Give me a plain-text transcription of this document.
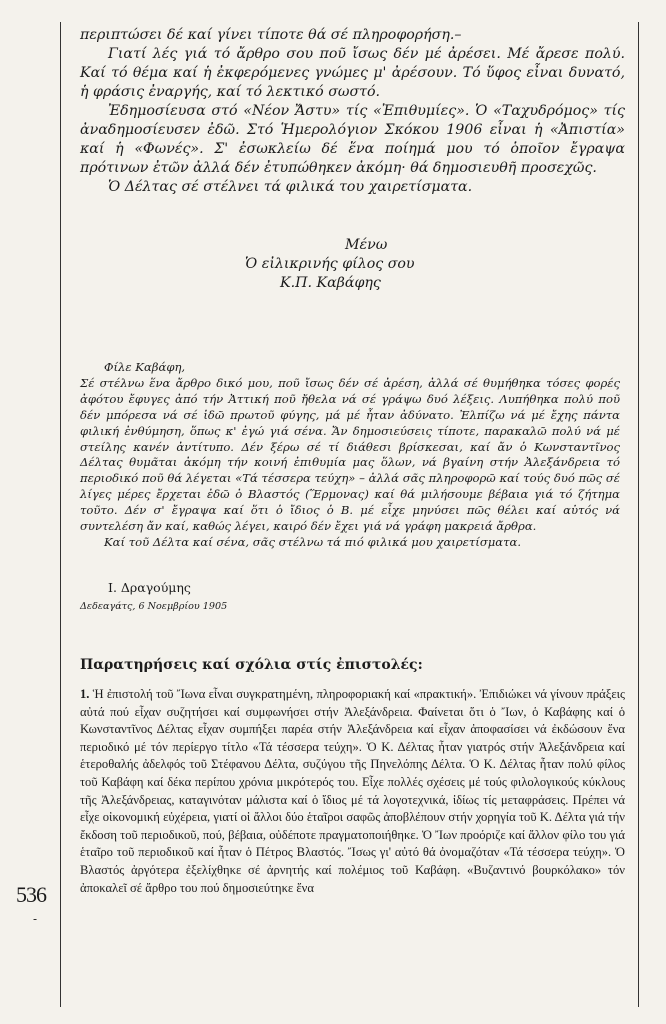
536
-

περιπτώσει δέ καί γίνει τίποτε θά σέ πληροφορήση.–

Γιατί λές γιά τό ἄρθρο σου ποῦ ἴσως δέν μέ ἀρέσει. Μέ ἄρεσε πολύ. Καί τό θέμα καί ἡ ἐκφερόμενες γνώμες μ' ἀρέσουν. Τό ὕφος εἶναι δυνατό, ἡ φράσις ἐναργής, καί τό λεκτικό σωστό.

Ἐδημοσίευσα στό «Νέον Ἄστυ» τίς «Ἐπιθυμίες». Ὁ «Ταχυδρόμος» τίς ἀναδημοσίευσεν ἐδῶ. Στό Ἡμερολόγιον Σκόκου 1906 εἶναι ἡ «Ἀπιστία» καί ἡ «Φωνές». Σ' ἐσωκλείω δέ ἕνα ποίημά μου τό ὁποῖον ἔγραψα πρότινων ἐτῶν ἀλλά δέν ἐτυπώθηκεν ἀκόμη· θά δημοσιευθῆ προσεχῶς.

Ὁ Δέλτας σέ στέλνει τά φιλικά του χαιρετίσματα.

Μένω

Ὁ εἰλικρινής φίλος σου

Κ.Π. Καβάφης

Φίλε Καβάφη,

Σέ στέλνω ἕνα ἄρθρο δικό μου, ποῦ ἴσως δέν σέ ἀρέση, ἀλλά σέ θυμήθηκα τόσες φορές ἀφότου ἔφυγες ἀπό τήν Ἀττική ποῦ ἤθελα νά σέ γράψω δυό λέξεις. Λυπήθηκα πολύ ποῦ δέν μπόρεσα νά σέ ἰδῶ πρωτοῦ φύγης, μά μέ ἦταν ἀδύνατο. Ἐλπίζω νά μέ ἔχης πάντα φιλική ἐνθύμηση, ὅπως κ' ἐγώ γιά σένα. Ἄν δημοσιεύσεις τίποτε, παρακαλῶ πολύ νά μέ στείλης κανέν ἀντίτυπο. Δέν ξέρω σέ τί διάθεσι βρίσκεσαι, καί ἄν ὁ Κωνσταντῖνος Δέλτας θυμᾶται ἀκόμη τήν κοινή ἐπιθυμία μας ὅλων, νά βγαίνη στήν Ἀλεξάνδρεια τό περιοδικό ποῦ θά λέγεται «Τά τέσσερα τεύχη» – ἀλλά σᾶς πληροφορῶ καί τούς δυό πῶς σέ λίγες μέρες ἔρχεται ἐδῶ ὁ Βλαστός (Ἕρμονας) καί θά μιλήσουμε βέβαια γιά τό ζήτημα τοῦτο. Δέν σ' ἔγραψα καί ὅτι ὁ ἴδιος ὁ Β. μέ εἶχε μηνύσει πῶς θέλει καί αὐτός νά συντελέση ἄν καί, καθώς λέγει, καιρό δέν ἔχει γιά νά γράφη μακρειά ἄρθρα.

Καί τοῦ Δέλτα καί σένα, σᾶς στέλνω τά πιό φιλικά μου χαιρετίσματα.

Ι. Δραγούμης
Δεδεαγάτς, 6 Νοεμβρίου 1905
Παρατηρήσεις καί σχόλια στίς ἐπιστολές:
1. Ἡ ἐπιστολή τοῦ Ἴωνα εἶναι συγκρατημένη, πληροφοριακή καί «πρακτική». Ἐπιδιώκει νά γίνουν πράξεις αὐτά πού εἶχαν συζητήσει καί συμφωνήσει στήν Ἀλεξάνδρεια. Φαίνεται ὅτι ὁ Ἴων, ὁ Καβάφης καί ὁ Κωνσταντῖνος Δέλτας εἶχαν συμπήξει παρέα στήν Ἀλεξάνδρεια καί εἶχαν ἀποφασίσει νά ἐκδώσουν ἕνα περιοδικό μέ τόν περίεργο τίτλο «Τά τέσσερα τεύχη». Ὁ Κ. Δέλτας ἦταν γιατρός στήν Ἀλεξάνδρεια καί ἑτεροθαλής ἀδελφός τοῦ Στέφανου Δέλτα, συζύγου τῆς Πηνελόπης Δέλτα. Ὁ Κ. Δέλτας ἦταν πολύ φίλος τοῦ Καβάφη καί δέκα περίπου χρόνια μικρότερός του. Εἶχε πολλές σχέσεις μέ τούς φιλολογικούς κύκλους τῆς Ἀλεξάνδρειας, καταγινόταν μάλιστα καί ὁ ἴδιος μέ τά λογοτεχνικά, ἰδίως τίς μεταφράσεις. Πρέπει νά εἶχε οἰκονομική εὐχέρεια, γιατί οἱ ἄλλοι δύο ἑταῖροι σαφῶς ἀποβλέπουν στήν χορηγία τοῦ Κ. Δέλτα γιά τήν ἔκδοση τοῦ περιοδικοῦ, πού, βέβαια, οὐδέποτε πραγματοποιήθηκε. Ὁ Ἴων προόριζε καί ἄλλον φίλο του γιά ἑταῖρο τοῦ περιοδικοῦ καί ἦταν ὁ Πέτρος Βλαστός. Ἴσως γι' αὐτό θά ὀνομαζόταν «Τά τέσσερα τεύχη». Ὁ Βλαστός ἀργότερα ἐξελίχθηκε σέ ἀρνητής καί πολέμιος τοῦ Καβάφη. «Βυζαντινό βουρκόλακο» τόν ἀποκαλεῖ σέ ἄρθρο του πού δημοσιεύτηκε ἕνα
